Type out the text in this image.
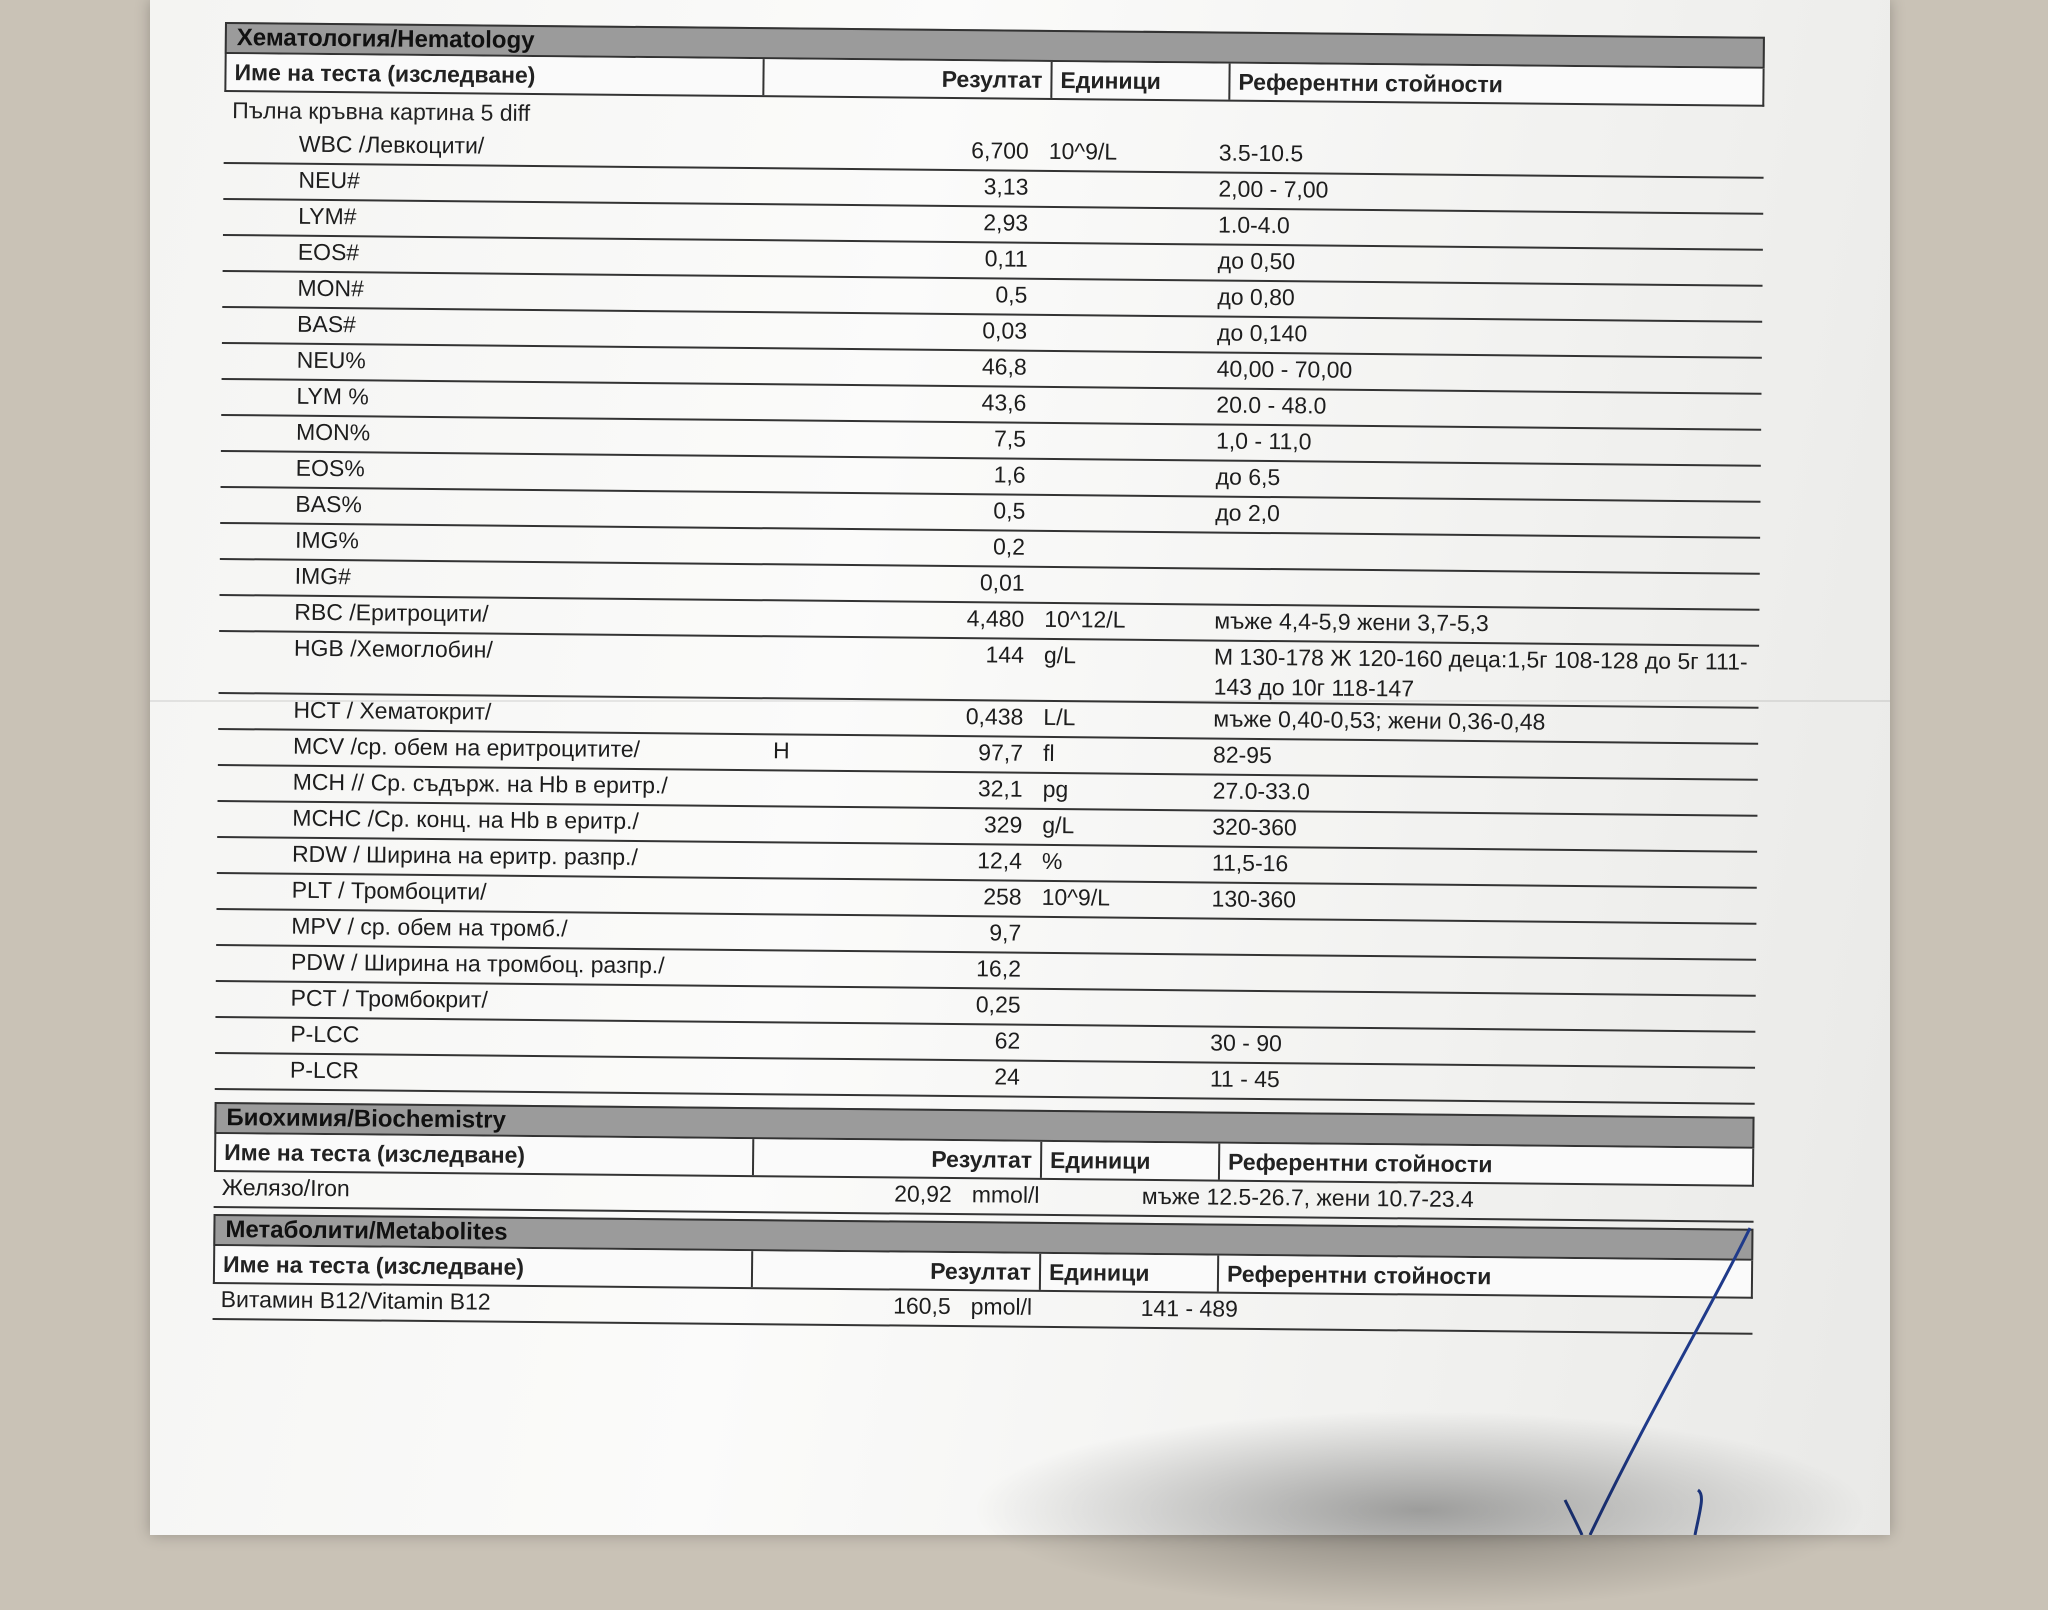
Хематология/Hematology
Име на теста (изследване)	Резултат Единици	Референтни стойности
Пълна кръвна картина 5 diff
WBC /Левкоцити/	6,700 10^9/L	3.5-10.5
NEU#	3,13	2,00 - 7,00
LYM#	2,93	1.0-4.0
EOS#	0,11	до 0,50
MON#	0,5	до 0,80
BAS#	0,03	до 0,140
NEU%	46,8	40,00 - 70,00
LYM %	43,6	20.0 - 48.0
MON%	7,5	1,0 - 11,0
EOS%	1,6	до 6,5
BAS%	0,5	до 2,0
IMG%	0,2
IMG#	0,01
RBC /Еритроцити/	4,480 10^12/L	мъже 4,4-5,9 жени 3,7-5,3
HGB /Хемоглобин/	144 g/L	М 130-178 Ж 120-160 деца:1,5г 108-128 до 5г 111-143 до 10г 118-147
HCT / Хематокрит/	0,438 L/L	мъже 0,40-0,53; жени 0,36-0,48
MCV /ср. обем на еритроцитите/	H	97,7 fl	82-95
MCH // Ср. съдърж. на Hb в еритр./	32,1 pg	27.0-33.0
MCHC /Ср. конц. на Hb в еритр./	329 g/L	320-360
RDW / Ширина на еритр. разпр./	12,4 %	11,5-16
PLT / Тромбоцити/	258 10^9/L	130-360
MPV / ср. обем на тромб./	9,7
PDW / Ширина на тромбоц. разпр./	16,2
PCT / Тромбокрит/	0,25
P-LCC	62	30 - 90
P-LCR	24	11 - 45
Биохимия/Biochemistry
Име на теста (изследване)	Резултат Единици	Референтни стойности
Желязо/Iron	20,92 mmol/l	мъже 12.5-26.7, жени 10.7-23.4
Метаболити/Metabolites
Име на теста (изследване)	Резултат Единици	Референтни стойности
Витамин B12/Vitamin B12	160,5 pmol/l	141 - 489
